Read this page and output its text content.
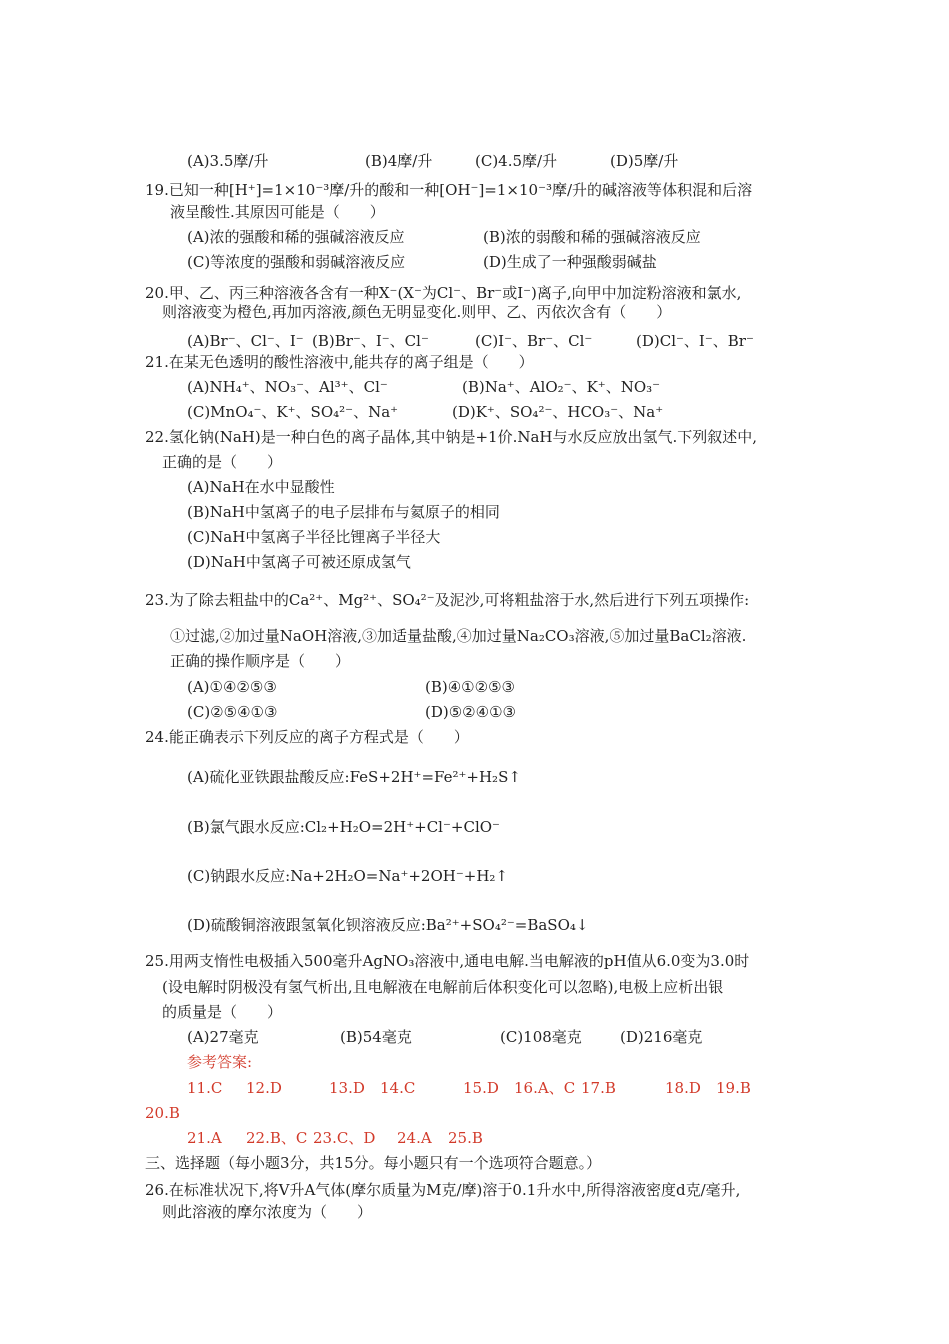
(A)3.5摩/升	(B)4摩/升	(C)4.5摩/升	(D)5摩/升
19.已知一种[H⁺]=1×10⁻³摩/升的酸和一种[OH⁻]=1×10⁻³摩/升的碱溶液等体积混和后溶
液呈酸性.其原因可能是（　　）
(A)浓的强酸和稀的强碱溶液反应	(B)浓的弱酸和稀的强碱溶液反应
(C)等浓度的强酸和弱碱溶液反应	(D)生成了一种强酸弱碱盐
20.甲、乙、丙三种溶液各含有一种X⁻(X⁻为Cl⁻、Br⁻或I⁻)离子,向甲中加淀粉溶液和氯水,
则溶液变为橙色,再加丙溶液,颜色无明显变化.则甲、乙、丙依次含有（　　）
(A)Br⁻、Cl⁻、I⁻ (B)Br⁻、I⁻、Cl⁻	(C)I⁻、Br⁻、Cl⁻	(D)Cl⁻、I⁻、Br⁻
21.在某无色透明的酸性溶液中,能共存的离子组是（　　）
(A)NH₄⁺、NO₃⁻、Al³⁺、Cl⁻	(B)Na⁺、AlO₂⁻、K⁺、NO₃⁻
(C)MnO₄⁻、K⁺、SO₄²⁻、Na⁺	(D)K⁺、SO₄²⁻、HCO₃⁻、Na⁺
22.氢化钠(NaH)是一种白色的离子晶体,其中钠是+1价.NaH与水反应放出氢气.下列叙述中,
正确的是（　　）
(A)NaH在水中显酸性
(B)NaH中氢离子的电子层排布与氦原子的相同
(C)NaH中氢离子半径比锂离子半径大
(D)NaH中氢离子可被还原成氢气
23.为了除去粗盐中的Ca²⁺、Mg²⁺、SO₄²⁻及泥沙,可将粗盐溶于水,然后进行下列五项操作:
①过滤,②加过量NaOH溶液,③加适量盐酸,④加过量Na₂CO₃溶液,⑤加过量BaCl₂溶液.
正确的操作顺序是（　　）
(A)①④②⑤③	(B)④①②⑤③
(C)②⑤④①③	(D)⑤②④①③
24.能正确表示下列反应的离子方程式是（　　）
(A)硫化亚铁跟盐酸反应:FeS+2H⁺=Fe²⁺+H₂S↑
(B)氯气跟水反应:Cl₂+H₂O=2H⁺+Cl⁻+ClO⁻
(C)钠跟水反应:Na+2H₂O=Na⁺+2OH⁻+H₂↑
(D)硫酸铜溶液跟氢氧化钡溶液反应:Ba²⁺+SO₄²⁻=BaSO₄↓
25.用两支惰性电极插入500毫升AgNO₃溶液中,通电电解.当电解液的pH值从6.0变为3.0时
(设电解时阴极没有氢气析出,且电解液在电解前后体积变化可以忽略),电极上应析出银
的质量是（　　）
(A)27毫克	(B)54毫克	(C)108毫克	(D)216毫克
参考答案:
11.C 12.D	13.D 14.C	15.D 16.A、C 17.B	18.D 19.B
20.B
21.A 22.B、C 23.C、D 24.A 25.B
三、选择题（每小题3分，共15分。每小题只有一个选项符合题意。）
26.在标准状况下,将V升A气体(摩尔质量为M克/摩)溶于0.1升水中,所得溶液密度d克/毫升,
则此溶液的摩尔浓度为（　　）
